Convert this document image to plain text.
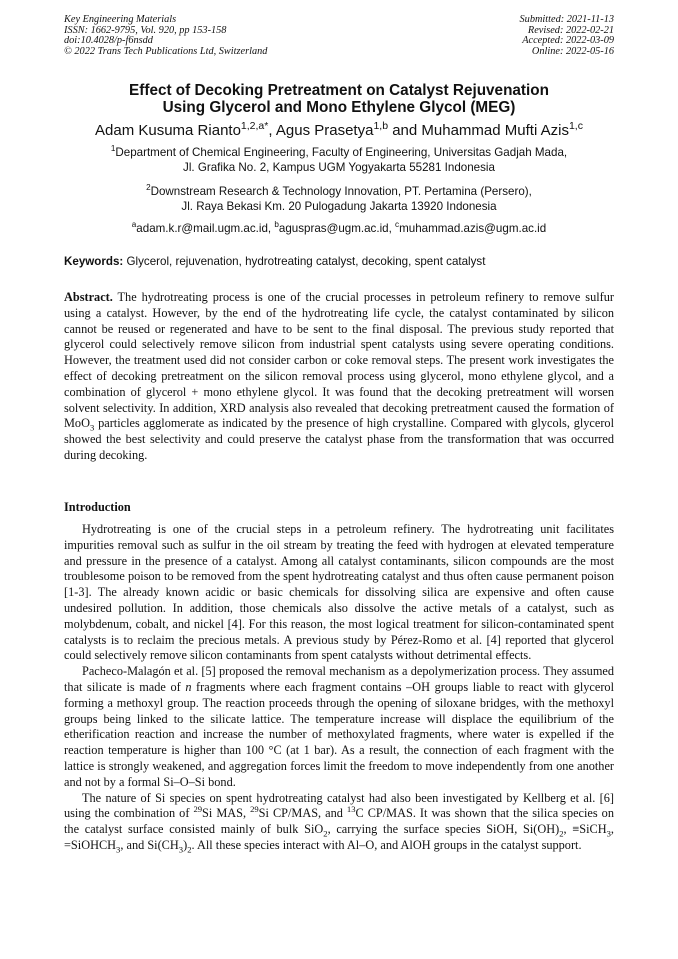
Key Engineering Materials
ISSN: 1662-9795, Vol. 920, pp 153-158
doi:10.4028/p-f6nsdd
© 2022 Trans Tech Publications Ltd, Switzerland
Submitted: 2021-11-13
Revised: 2022-02-21
Accepted: 2022-03-09
Online: 2022-05-16
Effect of Decoking Pretreatment on Catalyst Rejuvenation
Using Glycerol and Mono Ethylene Glycol (MEG)
Adam Kusuma Rianto$^{1,2,a*}$, Agus Prasetya$^{1,b}$ and Muhammad Mufti Azis$^{1,c}$
$^1$Department of Chemical Engineering, Faculty of Engineering, Universitas Gadjah Mada,
Jl. Grafika No. 2, Kampus UGM Yogyakarta 55281 Indonesia
$^2$Downstream Research & Technology Innovation, PT. Pertamina (Persero),
Jl. Raya Bekasi Km. 20 Pulogadung Jakarta 13920 Indonesia
$^a$adam.k.r@mail.ugm.ac.id, $^b$aguspras@ugm.ac.id, $^c$muhammad.azis@ugm.ac.id
Keywords: Glycerol, rejuvenation, hydrotreating catalyst, decoking, spent catalyst

Abstract. The hydrotreating process is one of the crucial processes in petroleum refinery to remove sulfur using a catalyst. However, by the end of the hydrotreating life cycle, the catalyst contaminated by silicon cannot be reused or regenerated and have to be sent to the final disposal. The previous study reported that glycerol could selectively remove silicon from industrial spent catalysts using severe operating conditions. However, the treatment used did not consider carbon or coke removal steps. The present work investigates the effect of decoking pretreatment on the silicon removal process using glycerol, mono ethylene glycol, and a combination of glycerol + mono ethylene glycol. It was found that the decoking pretreatment will worsen solvent selectivity. In addition, XRD analysis also revealed that decoking pretreatment caused the formation of MoO$_3$ particles agglomerate as indicated by the presence of high crystalline. Compared with glycols, glycerol showed the best selectivity and could preserve the catalyst phase from the transformation that was occurred during decoking.

Introduction

Hydrotreating is one of the crucial steps in a petroleum refinery. The hydrotreating unit facilitates impurities removal such as sulfur in the oil stream by treating the feed with hydrogen at elevated temperature and pressure in the presence of a catalyst. Among all catalyst contaminants, silicon compounds are the most troublesome poison to be removed from the spent hydrotreating catalyst and thus often cause permanent poison [1-3]. The already known acidic or basic chemicals for dissolving silica are expensive and often cause undesired pollution. In addition, those chemicals also dissolve the active metals of a catalyst, such as molybdenum, cobalt, and nickel [4]. For this reason, the most logical treatment for silicon-contaminated spent catalysts is to reclaim the precious metals. A previous study by Pérez-Romo et al. [4] reported that glycerol could selectively remove silicon contaminants from spent catalysts without detrimental effects.

Pacheco-Malagón et al. [5] proposed the removal mechanism as a depolymerization process. They assumed that silicate is made of n fragments where each fragment contains –OH groups liable to react with glycerol forming a methoxyl group. The reaction proceeds through the opening of siloxane bridges, with the methoxyl groups being linked to the silicate lattice. The temperature increase will displace the equilibrium of the etherification reaction and increase the number of methoxylated fragments, where water is expelled if the reaction temperature is higher than 100 °C (at 1 bar). As a result, the connection of each fragment with the lattice is strongly weakened, and aggregation forces limit the freedom to move independently from one another and not by a formal Si–O–Si bond.

The nature of Si species on spent hydrotreating catalyst had also been investigated by Kellberg et al. [6] using the combination of $^{29}$Si MAS, $^{29}$Si CP/MAS, and $^{13}$C CP/MAS. It was shown that the silica species on the catalyst surface consisted mainly of bulk SiO$_2$, carrying the surface species SiOH, $Si(OH)_2$, ≡SiCH$_3$, =SiOHCH$_3$, and $Si(CH_3)_2$. All these species interact with Al–O, and AlOH groups in the catalyst support.
